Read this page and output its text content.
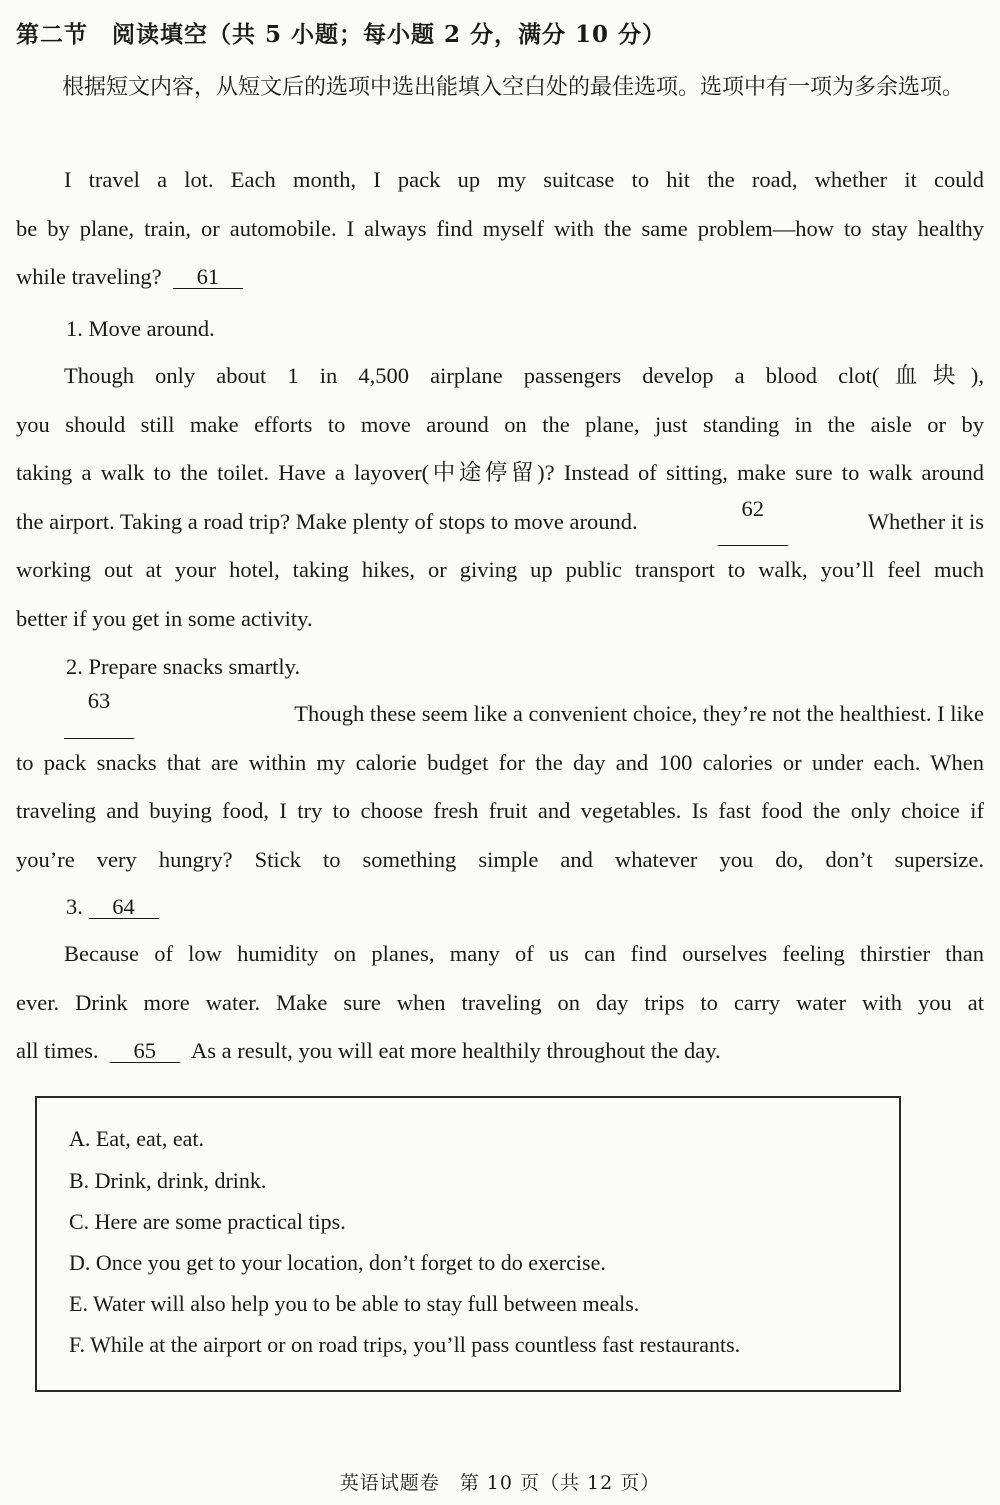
第二节　阅读填空（共 5 小题；每小题 2 分，满分 10 分）
根据短文内容，从短文后的选项中选出能填入空白处的最佳选项。选项中有一项为多余选项。
I travel a lot. Each month, I pack up my suitcase to hit the road, whether it could
be by plane, train, or automobile. I always find myself with the same problem—how to stay healthy
while traveling? 61
1. Move around.
Though only about 1 in 4,500 airplane passengers develop a blood clot(血块),
you should still make efforts to move around on the plane, just standing in the aisle or by
taking a walk to the toilet. Have a layover(中途停留)? Instead of sitting, make sure to walk around
the airport. Taking a road trip? Make plenty of stops to move around.
62
Whether it is
working out at your hotel, taking hikes, or giving up public transport to walk, you’ll feel much
better if you get in some activity.
2. Prepare snacks smartly.
63
Though these seem like a convenient choice, they’re not the healthiest. I like
to pack snacks that are within my calorie budget for the day and 100 calories or under each. When
traveling and buying food, I try to choose fresh fruit and vegetables. Is fast food the only choice if
you’re very hungry? Stick to something simple and whatever you do, don’t supersize.
3. 64
Because of low humidity on planes, many of us can find ourselves feeling thirstier than
ever. Drink more water. Make sure when traveling on day trips to carry water with you at
all times. 65 As a result, you will eat more healthily throughout the day.
A. Eat, eat, eat.
B. Drink, drink, drink.
C. Here are some practical tips.
D. Once you get to your location, don’t forget to do exercise.
E. Water will also help you to be able to stay full between meals.
F. While at the airport or on road trips, you’ll pass countless fast restaurants.
英语试题卷　第 10 页（共 12 页）
